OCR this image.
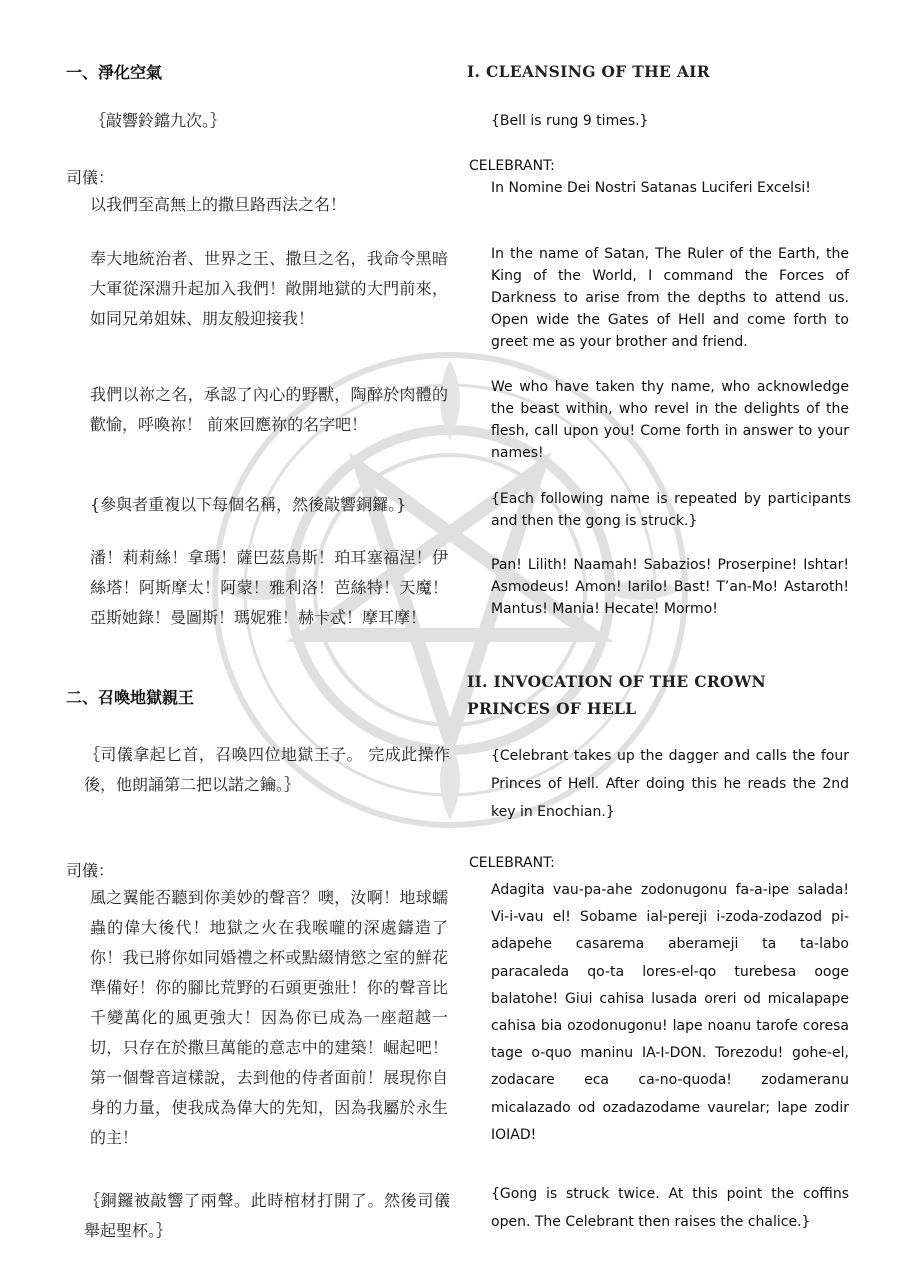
一、淨化空氣
｛敲響鈴鐺九次。｝
司儀：
以我們至高無上的撒旦路西法之名！
奉大地統治者、世界之王、撒旦之名，我命令黑暗大軍從深淵升起加入我們！敞開地獄的大門前來，如同兄弟姐妹、朋友般迎接我！
我們以祢之名，承認了內心的野獸，陶醉於肉體的歡愉，呼喚祢！ 前來回應祢的名字吧！
{參與者重複以下每個名稱，然後敲響銅鑼。}
潘！莉莉絲！拿瑪！薩巴茲烏斯！珀耳塞福涅！伊絲塔！阿斯摩太！阿蒙！雅利洛！芭絲特！天魔！亞斯她錄！曼圖斯！瑪妮雅！赫卡忒！摩耳摩！
二、召喚地獄親王
｛司儀拿起匕首，召喚四位地獄王子。 完成此操作後，他朗誦第二把以諾之鑰。｝
司儀：
風之翼能否聽到你美妙的聲音？噢，汝啊！地球蠕蟲的偉大後代！地獄之火在我喉嚨的深處鑄造了你！我已將你如同婚禮之杯或點綴情慾之室的鮮花準備好！你的腳比荒野的石頭更強壯！你的聲音比千變萬化的風更強大！因為你已成為一座超越一切，只存在於撒旦萬能的意志中的建築！崛起吧！第一個聲音這樣說，去到他的侍者面前！展現你自身的力量，使我成為偉大的先知，因為我屬於永生的主！
｛銅鑼被敲響了兩聲。此時棺材打開了。然後司儀舉起聖杯。｝
I. CLEANSING OF THE AIR
{Bell is rung 9 times.}
CELEBRANT:
In Nomine Dei Nostri Satanas Luciferi Excelsi!
In the name of Satan, The Ruler of the Earth, the King of the World, I command the Forces of Darkness to arise from the depths to attend us. Open wide the Gates of Hell and come forth to greet me as your brother and friend.
We who have taken thy name, who acknowledge the beast within, who revel in the delights of the flesh, call upon you! Come forth in answer to your names!
{Each following name is repeated by participants and then the gong is struck.}
Pan! Lilith! Naamah! Sabazios! Proserpine! Ishtar! Asmodeus! Amon! Iarilo! Bast! T’an-Mo! Astaroth! Mantus! Mania! Hecate! Mormo!
II. INVOCATION OF THE CROWN PRINCES OF HELL
{Celebrant takes up the dagger and calls the four Princes of Hell. After doing this he reads the 2nd key in Enochian.}
CELEBRANT:
Adagita vau-pa-ahe zodonugonu fa-a-ipe salada! Vi-i-vau el! Sobame ial-pereji i-zoda-zodazod pi-adapehe casarema aberameji ta ta-labo paracaleda qo-ta lores-el-qo turebesa ooge balatohe! Giui cahisa lusada oreri od micalapape cahisa bia ozodonugonu! lape noanu tarofe coresa tage o-quo maninu IA-I-DON. Torezodu! gohe-el, zodacare eca ca-no-quoda! zodameranu micalazado od ozadazodame vaurelar; lape zodir IOIAD!
{Gong is struck twice. At this point the coffins open. The Celebrant then raises the chalice.}
